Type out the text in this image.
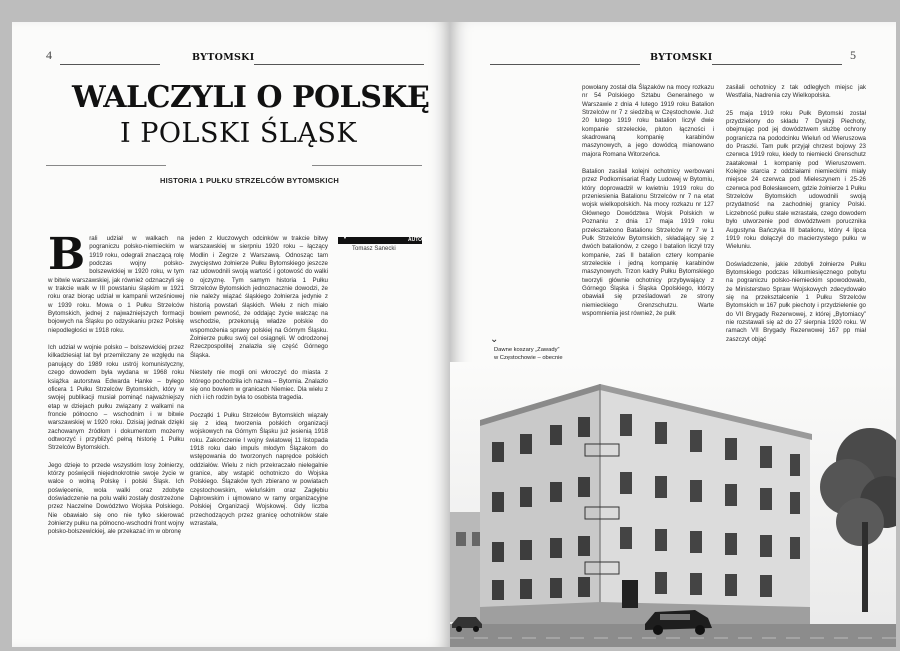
4	BYTOMSKI
WALCZYLI O POLSKĘ
I POLSKI ŚLĄSK
HISTORIA 1 PUŁKU STRZELCÓW BYTOMSKICH

Brali udział w walkach na pograniczu polsko-niemieckim w 1919 roku, odegrali znaczącą rolę podczas wojny polsko-bolszewickiej w 1920 roku, w tym w bitwie warszawskiej, jak również odznaczyli się w trakcie walk w III powstaniu śląskim w 1921 roku oraz biorąc udział w kampanii wrześniowej w 1939 roku. Mowa o 1 Pułku Strzelców Bytomskich, jednej z najważniejszych formacji bojowych na Śląsku po odzyskaniu przez Polskę niepodległości w 1918 roku.

Ich udział w wojnie polsko – bolszewickiej przez kilkadziesiąt lat był przemilczany ze względu na panujący do 1989 roku ustrój komunistyczny, czego dowodem była wydana w 1968 roku książka autorstwa Edwarda Hanke – byłego oficera 1 Pułku Strzelców Bytomskich, który w swojej publikacji musiał pominąć najważniejszy etap w dziejach pułku związany z walkami na froncie północno – wschodnim i w bitwie warszawskiej w 1920 roku. Dzisiaj jednak dzięki zachowanym źródłom i dokumentom możemy odtworzyć i przybliżyć pełną historię 1 Pułku Strzelców Bytomskich.

Jego dzieje to przede wszystkim losy żołnierzy, którzy poświęcili niejednokrotnie swoje życie w walce o wolną Polskę i polski Śląsk. Ich poświęcenie, wola walki oraz zdobyte doświadczenie na polu walki zostały dostrzeżone przez Naczelne Dowództwo Wojska Polskiego. Nie obawiało się ono nie tylko skierować żołnierzy pułku na północno-wschodni front wojny polsko-bolszewickiej, ale przekazać im w obronę

jeden z kluczowych odcinków w trakcie bitwy warszawskiej w sierpniu 1920 roku – łączący Modlin i Zegrze z Warszawą. Odnosząc tam zwycięstwo żołnierze Pułku Bytomskiego jeszcze raz udowodnili swoją wartość i gotowość do walki o ojczyznę. Tym samym historia 1 Pułku Strzelców Bytomskich jednoznacznie dowodzi, że nie należy wiązać śląskiego żołnierza jedynie z historią powstań śląskich. Wielu z nich miało bowiem pewność, że oddając życie walcząc na wschodzie, przekonują władze polskie do wspomożenia sprawy polskiej na Górnym Śląsku. Żołnierze pułku swój cel osiągnęli. W odrodzonej Rzeczpospolitej znalazła się część Górnego Śląska.

Niestety nie mogli oni wkroczyć do miasta z którego pochodziła ich nazwa – Bytomia. Znalazło się ono bowiem w granicach Niemiec. Dla wielu z nich i ich rodzin była to osobista tragedia.

Początki 1 Pułku Strzelców Bytomskich wiązały się z ideą tworzenia polskich organizacji wojskowych na Górnym Śląsku już jesienią 1918 roku. Zakończenie I wojny światowej 11 listopada 1918 roku dało impuls młodym Ślązakom do wstępowania do tworzonych naprędce polskich oddziałów. Wielu z nich przekraczało nielegalnie granice, aby wstąpić ochotniczo do Wojska Polskiego. Ślązaków tych zbierano w powiatach częstochowskim, wieluńskim oraz Zagłębiu Dąbrowskim i ujmowano w ramy organizacyjne Polskiej Organizacji Wojskowej. Gdy liczba przechodzących przez granicę ochotników stale wzrastała,

▼	AUTOR
Tomasz Sanecki
BYTOMSKI	5

powołany został dla Ślązaków na mocy rozkazu nr 54 Polskiego Sztabu Generalnego w Warszawie z dnia 4 lutego 1919 roku Batalion Strzelców nr 7 z siedzibą w Częstochowie. Już 20 lutego 1919 roku batalion liczył dwie kompanie strzeleckie, pluton łączności i skadrowaną kompanię karabinów maszynowych, a jego dowódcą mianowano majora Romana Witorzeńca.

Batalion zasilali kolejni ochotnicy werbowani przez Podkomisariat Rady Ludowej w Bytomiu, który doprowadził w kwietniu 1919 roku do przeniesienia Batalionu Strzelców nr 7 na etat wojsk wielkopolskich. Na mocy rozkazu nr 127 Głównego Dowództwa Wojsk Polskich w Poznaniu z dnia 17 maja 1919 roku przekształcono Batalionu Strzelców nr 7 w 1 Pułk Strzelców Bytomskich, składający się z dwóch batalionów, z czego I batalion liczył trzy kompanie, zaś II batalion cztery kompanie strzeleckie i jedną kompanię karabinów maszynowych. Trzon kadry Pułku Bytomskiego tworzyli głównie ochotnicy przybywający z Górnego Śląska i Śląska Opolskiego, którzy obawiali się prześladowań ze strony niemieckiego Grenzschutzu. Warte wspomnienia jest również, że pułk

zasilali ochotnicy z tak odległych miejsc jak Westfalia, Nadrenia czy Wielkopolska.

25 maja 1919 roku Pułk Bytomski został przydzielony do składu 7 Dywizji Piechoty, obejmując pod jej dowództwem służbę ochrony pogranicza na pododcinku Wieluń od Wieruszowa do Praszki. Tam pułk przyjął chrzest bojowy 23 czerwca 1919 roku, kiedy to niemiecki Grenschutz zaatakował 1 kompanię pod Wieruszowem. Kolejne starcia z oddziałami niemieckimi miały miejsce 24 czerwca pod Mieleszynem i 25-26 czerwca pod Bolesławcem, gdzie żołnierze 1 Pułku Strzelców Bytomskich udowodnili swoją przydatność na zachodniej granicy Polski. Liczebność pułku stale wzrastała, czego dowodem było utworzenie pod dowództwem porucznika Augustyna Bańczyka III batalionu, który 4 lipca 1919 roku dołączył do macierzystego pułku w Wieluniu.

Doświadczenie, jakie zdobyli żołnierze Pułku Bytomskiego podczas kilkumiesięcznego pobytu na pograniczu polsko-niemieckim spowodowało, że Ministerstwo Spraw Wojskowych zdecydowało się na przekształcenie 1 Pułku Strzelców Bytomskich w 167 pułk piechoty i przydzielenie go do VII Brygady Rezerwowej, z której „Bytomiacy” nie rozstawali się aż do 27 sierpnia 1920 roku. W ramach VII Brygady Rezerwowej 167 pp miał zaszczyt objąć

⌄
Dawne koszary „Zawady” w Częstochowie – obecnie
